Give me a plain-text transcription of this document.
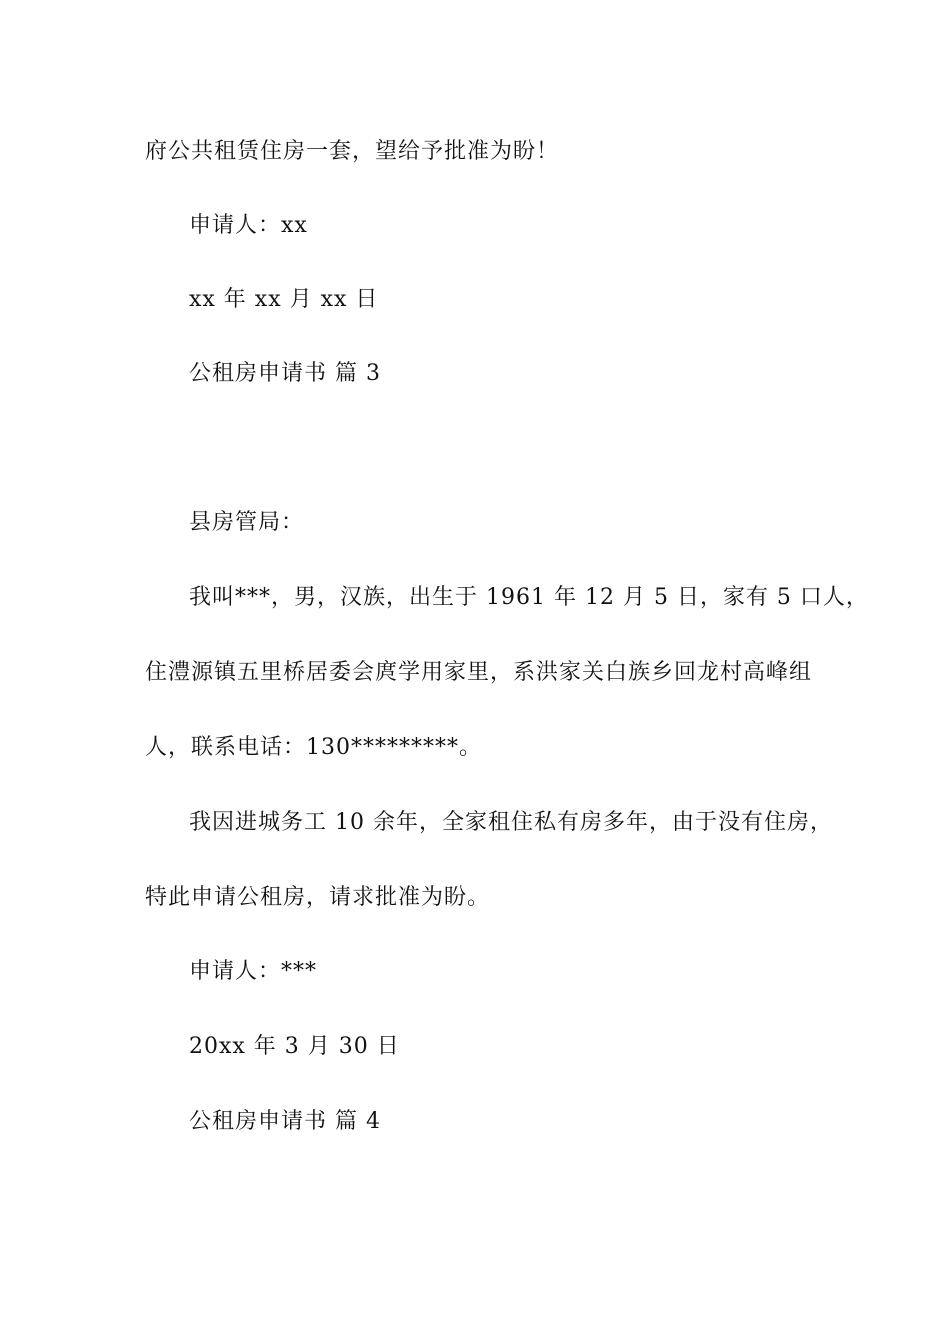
府公共租赁住房一套，望给予批准为盼！
申请人：xx
xx 年 xx 月 xx 日
公租房申请书 篇 3
县房管局：
我叫***，男，汉族，出生于 1961 年 12 月 5 日，家有 5 口人，
住澧源镇五里桥居委会庹学用家里，系洪家关白族乡回龙村高峰组
人，联系电话：130*********。
我因进城务工 10 余年，全家租住私有房多年，由于没有住房，
特此申请公租房，请求批准为盼。
申请人：***
20xx 年 3 月 30 日
公租房申请书 篇 4
